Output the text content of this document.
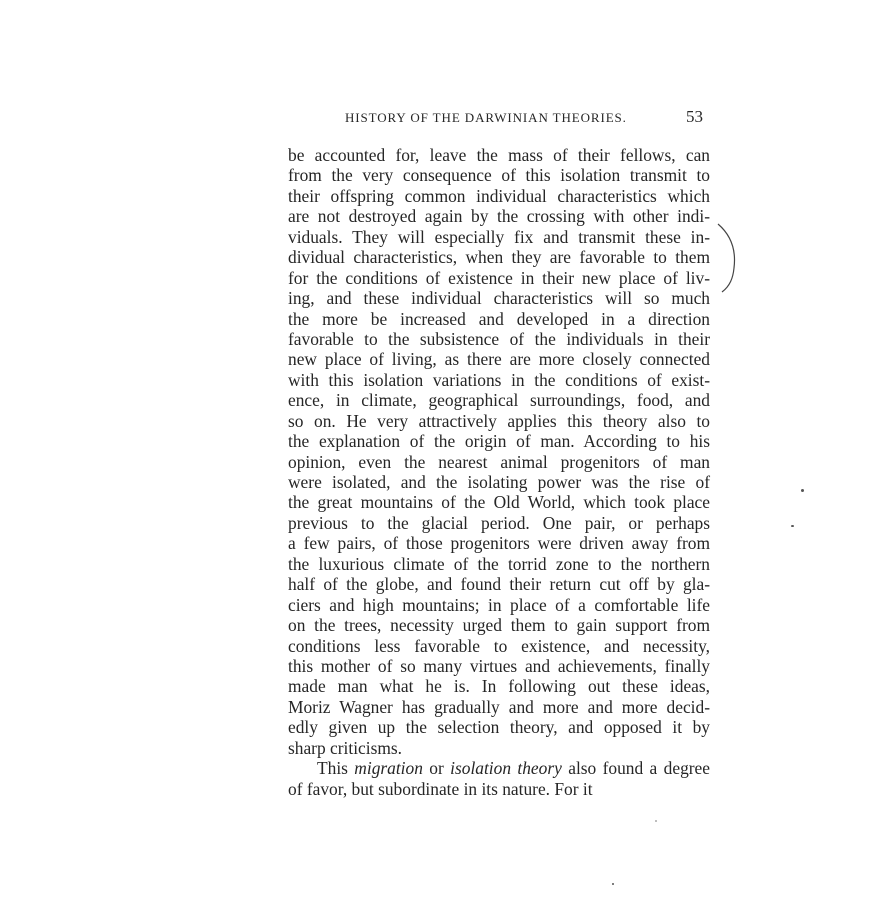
HISTORY OF THE DARWINIAN THEORIES.	53
be accounted for, leave the mass of their fellows, can
from the very consequence of this isolation transmit to
their offspring common individual characteristics which
are not destroyed again by the crossing with other indi-
viduals. They will especially fix and transmit these in-
dividual characteristics, when they are favorable to them
for the conditions of existence in their new place of liv-
ing, and these individual characteristics will so much
the more be increased and developed in a direction
favorable to the subsistence of the individuals in their
new place of living, as there are more closely connected
with this isolation variations in the conditions of exist-
ence, in climate, geographical surroundings, food, and
so on. He very attractively applies this theory also to
the explanation of the origin of man. According to his
opinion, even the nearest animal progenitors of man
were isolated, and the isolating power was the rise of
the great mountains of the Old World, which took place
previous to the glacial period. One pair, or perhaps
a few pairs, of those progenitors were driven away from
the luxurious climate of the torrid zone to the northern
half of the globe, and found their return cut off by gla-
ciers and high mountains; in place of a comfortable life
on the trees, necessity urged them to gain support from
conditions less favorable to existence, and necessity,
this mother of so many virtues and achievements, finally
made man what he is. In following out these ideas,
Moriz Wagner has gradually and more and more decid-
edly given up the selection theory, and opposed it by
sharp criticisms.
This migration or isolation theory also found a degree
of favor, but subordinate in its nature. For it
